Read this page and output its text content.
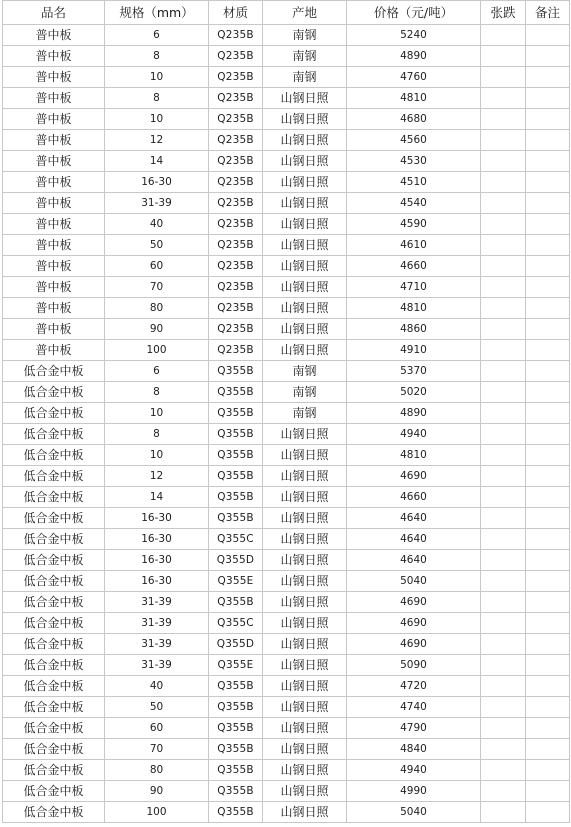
品名	规格（mm）	材质	产地	价格（元/吨）	张跌	备注
普中板	6	Q235B	南钢	5240		
普中板	8	Q235B	南钢	4890		
普中板	10	Q235B	南钢	4760		
普中板	8	Q235B	山钢日照	4810		
普中板	10	Q235B	山钢日照	4680		
普中板	12	Q235B	山钢日照	4560		
普中板	14	Q235B	山钢日照	4530		
普中板	16-30	Q235B	山钢日照	4510		
普中板	31-39	Q235B	山钢日照	4540		
普中板	40	Q235B	山钢日照	4590		
普中板	50	Q235B	山钢日照	4610		
普中板	60	Q235B	山钢日照	4660		
普中板	70	Q235B	山钢日照	4710		
普中板	80	Q235B	山钢日照	4810		
普中板	90	Q235B	山钢日照	4860		
普中板	100	Q235B	山钢日照	4910		
低合金中板	6	Q355B	南钢	5370		
低合金中板	8	Q355B	南钢	5020		
低合金中板	10	Q355B	南钢	4890		
低合金中板	8	Q355B	山钢日照	4940		
低合金中板	10	Q355B	山钢日照	4810		
低合金中板	12	Q355B	山钢日照	4690		
低合金中板	14	Q355B	山钢日照	4660		
低合金中板	16-30	Q355B	山钢日照	4640		
低合金中板	16-30	Q355C	山钢日照	4640		
低合金中板	16-30	Q355D	山钢日照	4640		
低合金中板	16-30	Q355E	山钢日照	5040		
低合金中板	31-39	Q355B	山钢日照	4690		
低合金中板	31-39	Q355C	山钢日照	4690		
低合金中板	31-39	Q355D	山钢日照	4690		
低合金中板	31-39	Q355E	山钢日照	5090		
低合金中板	40	Q355B	山钢日照	4720		
低合金中板	50	Q355B	山钢日照	4740		
低合金中板	60	Q355B	山钢日照	4790		
低合金中板	70	Q355B	山钢日照	4840		
低合金中板	80	Q355B	山钢日照	4940		
低合金中板	90	Q355B	山钢日照	4990		
低合金中板	100	Q355B	山钢日照	5040		
